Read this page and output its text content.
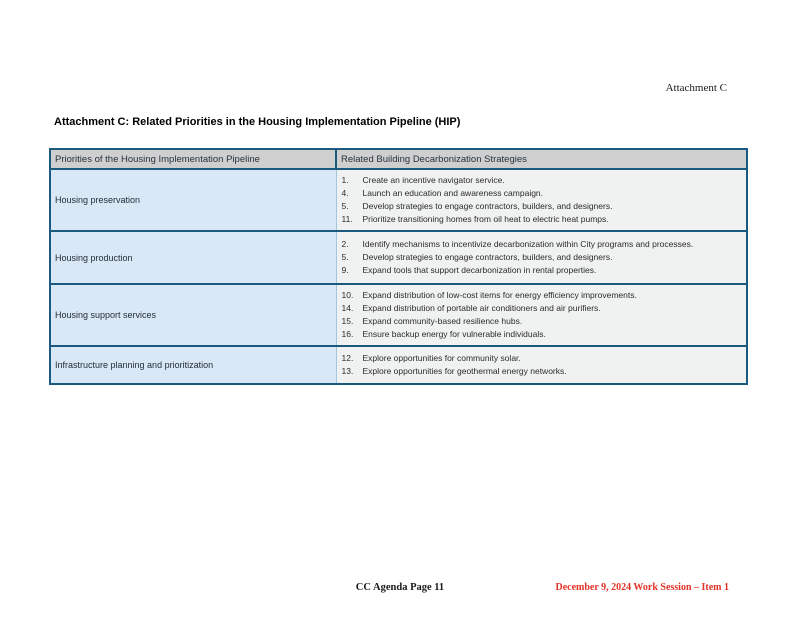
Attachment C
Attachment C: Related Priorities in the Housing Implementation Pipeline (HIP)
Priorities of the Housing Implementation Pipeline	Related Building Decarbonization Strategies
Housing preservation	
1.	Create an incentive navigator service.
4.	Launch an education and awareness campaign.
5.	Develop strategies to engage contractors, builders, and designers.
11.	Prioritize transitioning homes from oil heat to electric heat pumps.

Housing production	
2.	Identify mechanisms to incentivize decarbonization within City programs and processes.
5.	Develop strategies to engage contractors, builders, and designers.
9.	Expand tools that support decarbonization in rental properties.

Housing support services	
10.	Expand distribution of low-cost items for energy efficiency improvements.
14.	Expand distribution of portable air conditioners and air purifiers.
15.	Expand community-based resilience hubs.
16.	Ensure backup energy for vulnerable individuals.

Infrastructure planning and prioritization	12. Explore opportunities for community solar.
13. Explore opportunities for geothermal energy networks.
CC Agenda Page 11	December 9, 2024 Work Session – Item 1
